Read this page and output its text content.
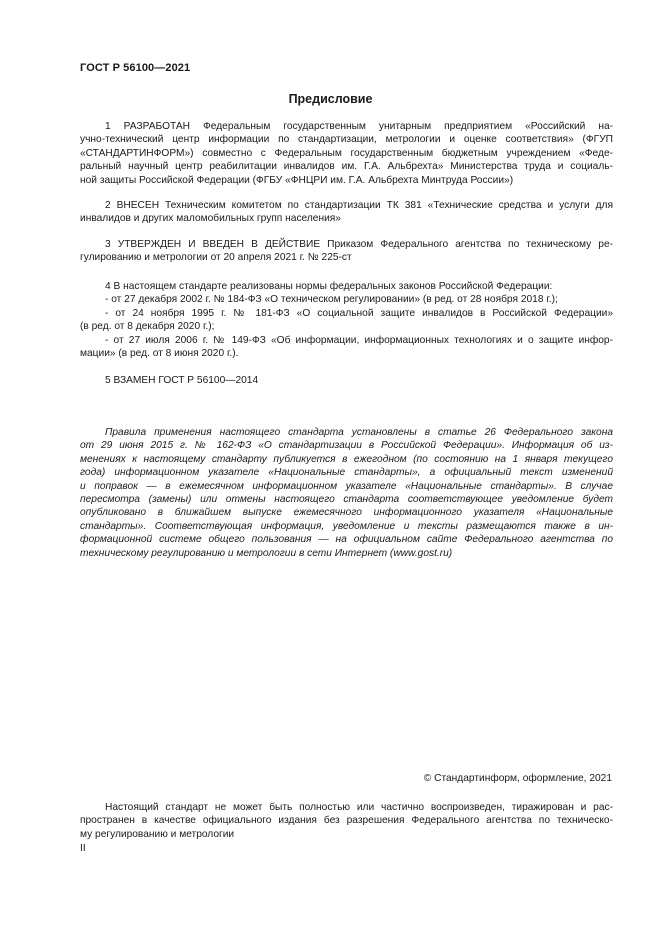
ГОСТ Р 56100—2021
Предисловие
1 РАЗРАБОТАН Федеральным государственным унитарным предприятием «Российский на-
учно-технический центр информации по стандартизации, метрологии и оценке соответствия» (ФГУП
«СТАНДАРТИНФОРМ») совместно с Федеральным государственным бюджетным учреждением «Феде-
ральный научный центр реабилитации инвалидов им. Г.А. Альбрехта» Министерства труда и социаль-
ной защиты Российской Федерации (ФГБУ «ФНЦРИ им. Г.А. Альбрехта Минтруда России»)
2 ВНЕСЕН Техническим комитетом по стандартизации ТК 381 «Технические средства и услуги для
инвалидов и других маломобильных групп населения»
3 УТВЕРЖДЕН И ВВЕДЕН В ДЕЙСТВИЕ Приказом Федерального агентства по техническому ре-
гулированию и метрологии от 20 апреля 2021 г. № 225-ст
4 В настоящем стандарте реализованы нормы федеральных законов Российской Федерации:
- от 27 декабря 2002 г. № 184-ФЗ «О техническом регулировании» (в ред. от 28 ноября 2018 г.);
- от 24 ноября 1995 г. № 181-ФЗ «О социальной защите инвалидов в Российской Федерации»
(в ред. от 8 декабря 2020 г.);
- от 27 июля 2006 г. № 149-ФЗ «Об информации, информационных технологиях и о защите инфор-
мации» (в ред. от 8 июня 2020 г.).
5 ВЗАМЕН ГОСТ Р 56100—2014
Правила применения настоящего стандарта установлены в статье 26 Федерального закона
от 29 июня 2015 г. № 162-ФЗ «О стандартизации в Российской Федерации». Информация об из-
менениях к настоящему стандарту публикуется в ежегодном (по состоянию на 1 января текущего
года) информационном указателе «Национальные стандарты», а официальный текст изменений
и поправок — в ежемесячном информационном указателе «Национальные стандарты». В случае
пересмотра (замены) или отмены настоящего стандарта соответствующее уведомление будет
опубликовано в ближайшем выпуске ежемесячного информационного указателя «Национальные
стандарты». Соответствующая информация, уведомление и тексты размещаются также в ин-
формационной системе общего пользования — на официальном сайте Федерального агентства по
техническому регулированию и метрологии в сети Интернет (www.gost.ru)
© Стандартинформ, оформление, 2021
Настоящий стандарт не может быть полностью или частично воспроизведен, тиражирован и рас-
пространен в качестве официального издания без разрешения Федерального агентства по техническо-
му регулированию и метрологии
II
